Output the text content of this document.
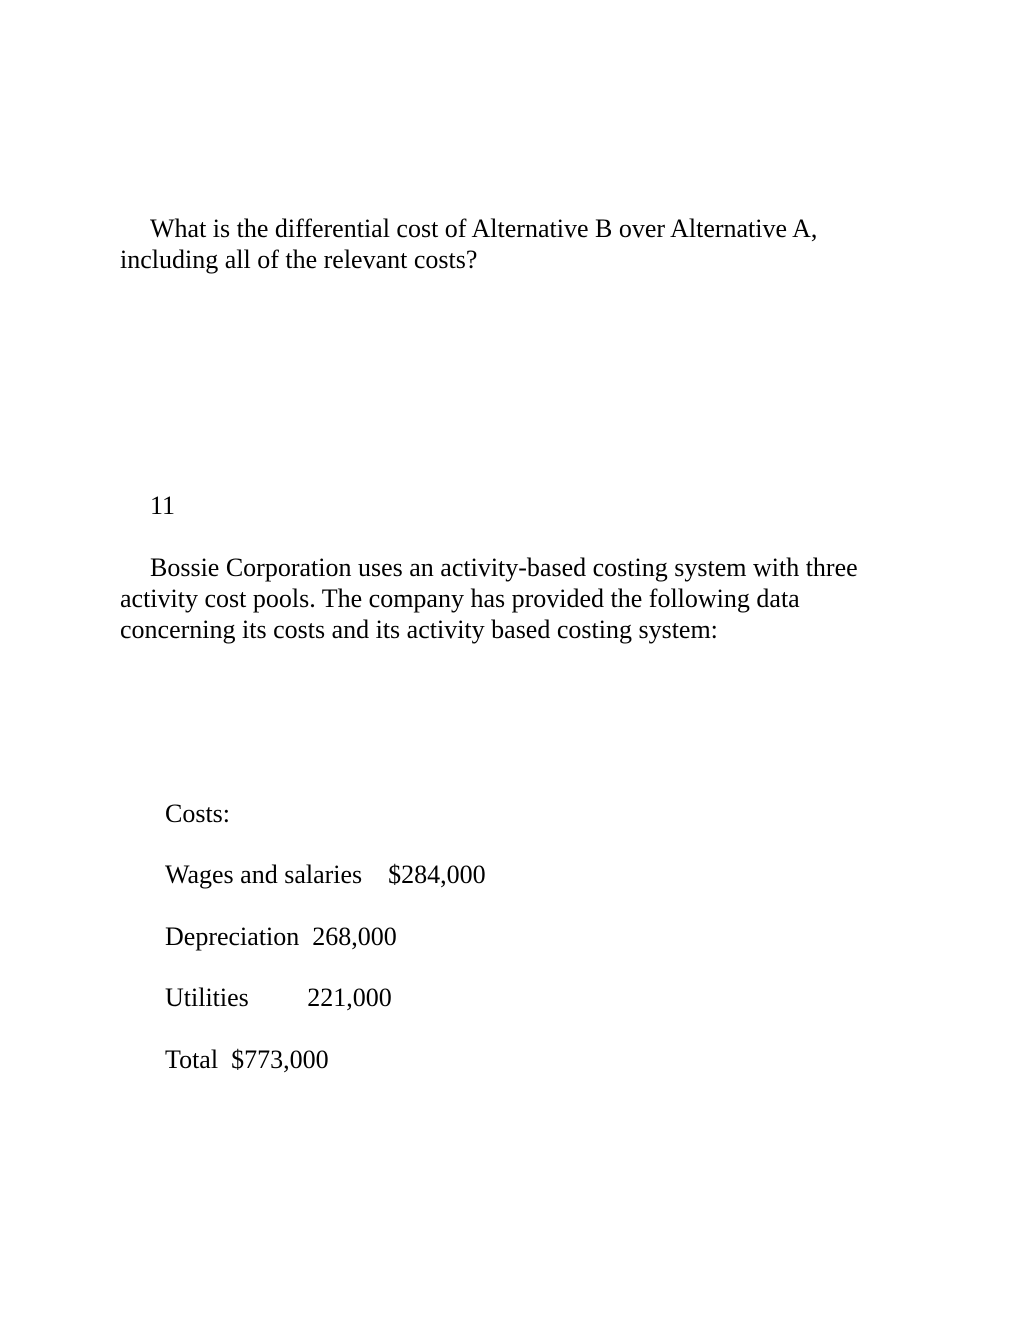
What is the differential cost of Alternative B over Alternative A, including all of the relevant costs?
11
Bossie Corporation uses an activity-based costing system with three activity cost pools. The company has provided the following data concerning its costs and its activity based costing system:
Costs:
Wages and salaries $284,000
Depreciation 268,000
Utilities 221,000
Total $773,000
